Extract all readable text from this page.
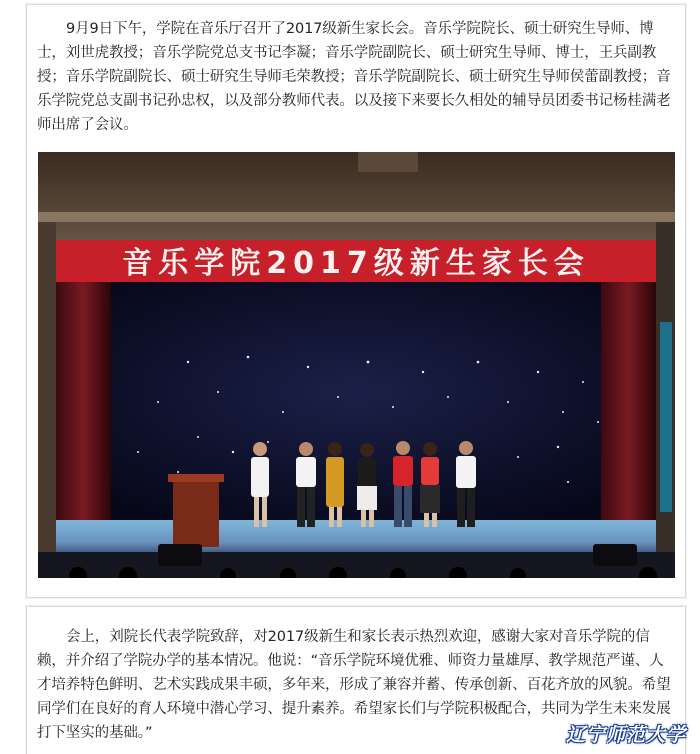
9月9日下午，学院在音乐厅召开了2017级新生家长会。音乐学院院长、硕士研究生导师、博士，刘世虎教授；音乐学院党总支书记李凝；音乐学院副院长、硕士研究生导师、博士，王兵副教授；音乐学院副院长、硕士研究生导师毛荣教授；音乐学院副院长、硕士研究生导师侯蕾副教授；音乐学院党总支副书记孙忠权，以及部分教师代表。以及接下来要长久相处的辅导员团委书记杨桂满老师出席了会议。

音乐学院2017级新生家长会

会上，刘院长代表学院致辞，对2017级新生和家长表示热烈欢迎，感谢大家对音乐学院的信赖，并介绍了学院办学的基本情况。他说：“音乐学院环境优雅、师资力量雄厚、教学规范严谨、人才培养特色鲜明、艺术实践成果丰硕，多年来，形成了兼容并蓄、传承创新、百花齐放的风貌。希望同学们在良好的育人环境中潜心学习、提升素养。希望家长们与学院积极配合，共同为学生未来发展打下坚实的基础。”	辽宁师范大学
